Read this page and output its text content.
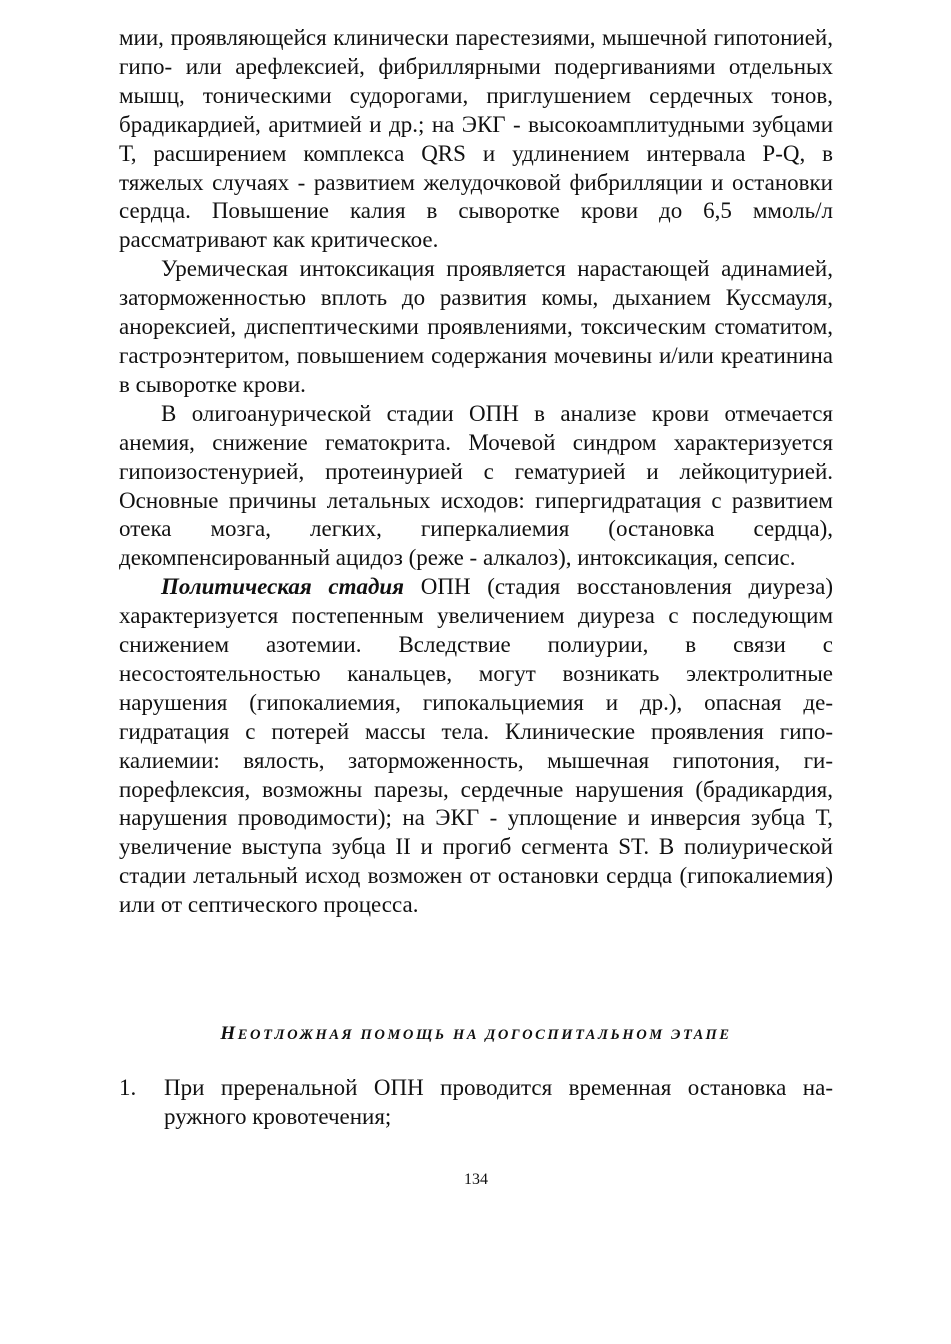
мии, проявляющейся клинически парестезиями, мышечной гипотонией, гипо- или арефлексией, фибриллярными подергиваниями отдельных мышц, тоническими судорогами, приглушением сердечных тонов, брадикардией, аритмией и др.; на ЭКГ - высокоамплитудными зубцами Т, расширением комплекса QRS и удлинением интервала P-Q, в тяжелых случаях - развитием желудочковой фибрилляции и остановки сердца. Повышение калия в сыворотке крови до 6,5 ммоль/л рассматривают как критическое.

Уремическая интоксикация проявляется нарастающей адинамией, заторможенностью вплоть до развития комы, дыханием Куссмауля, анорексией, диспептическими проявлениями, токсическим стоматитом, гастроэнтеритом, повышением содержания мочевины и/или креатинина в сыворотке крови.

В олигоанурической стадии ОПН в анализе крови отмечается анемия, снижение гематокрита. Мочевой синдром характеризуется гипоизостенурией, протеинурией с гематурией и лейкоцитурией. Основные причины летальных исходов: гипергидратация с развитием отека мозга, легких, гиперкалиемия (остановка сердца), декомпенсированный ацидоз (реже - алкалоз), интоксикация, сепсис.

Политическая стадия ОПН (стадия восстановления диуреза) характеризуется постепенным увеличением диуреза с последующим снижением азотемии. Вследствие полиурии, в связи с несостоятельностью канальцев, могут возникать электролитные нарушения (гипокалиемия, гипокальциемия и др.), опасная дегидратация с потерей массы тела. Клинические проявления гипокалиемии: вялость, заторможенность, мышечная гипотония, гипорефлексия, возможны парезы, сердечные нарушения (брадикардия, нарушения проводимости); на ЭКГ - уплощение и инверсия зубца Т, увеличение выступа зубца II и прогиб сегмента ST. В полиурической стадии летальный исход возможен от остановки сердца (гипокалиемия) или от септического процесса.

НЕОТЛОЖНАЯ ПОМОЩЬ НА ДОГОСПИТАЛЬНОМ ЭТАПЕ
1.	При преренальной ОПН проводится временная остановка наружного кровотечения;
134
